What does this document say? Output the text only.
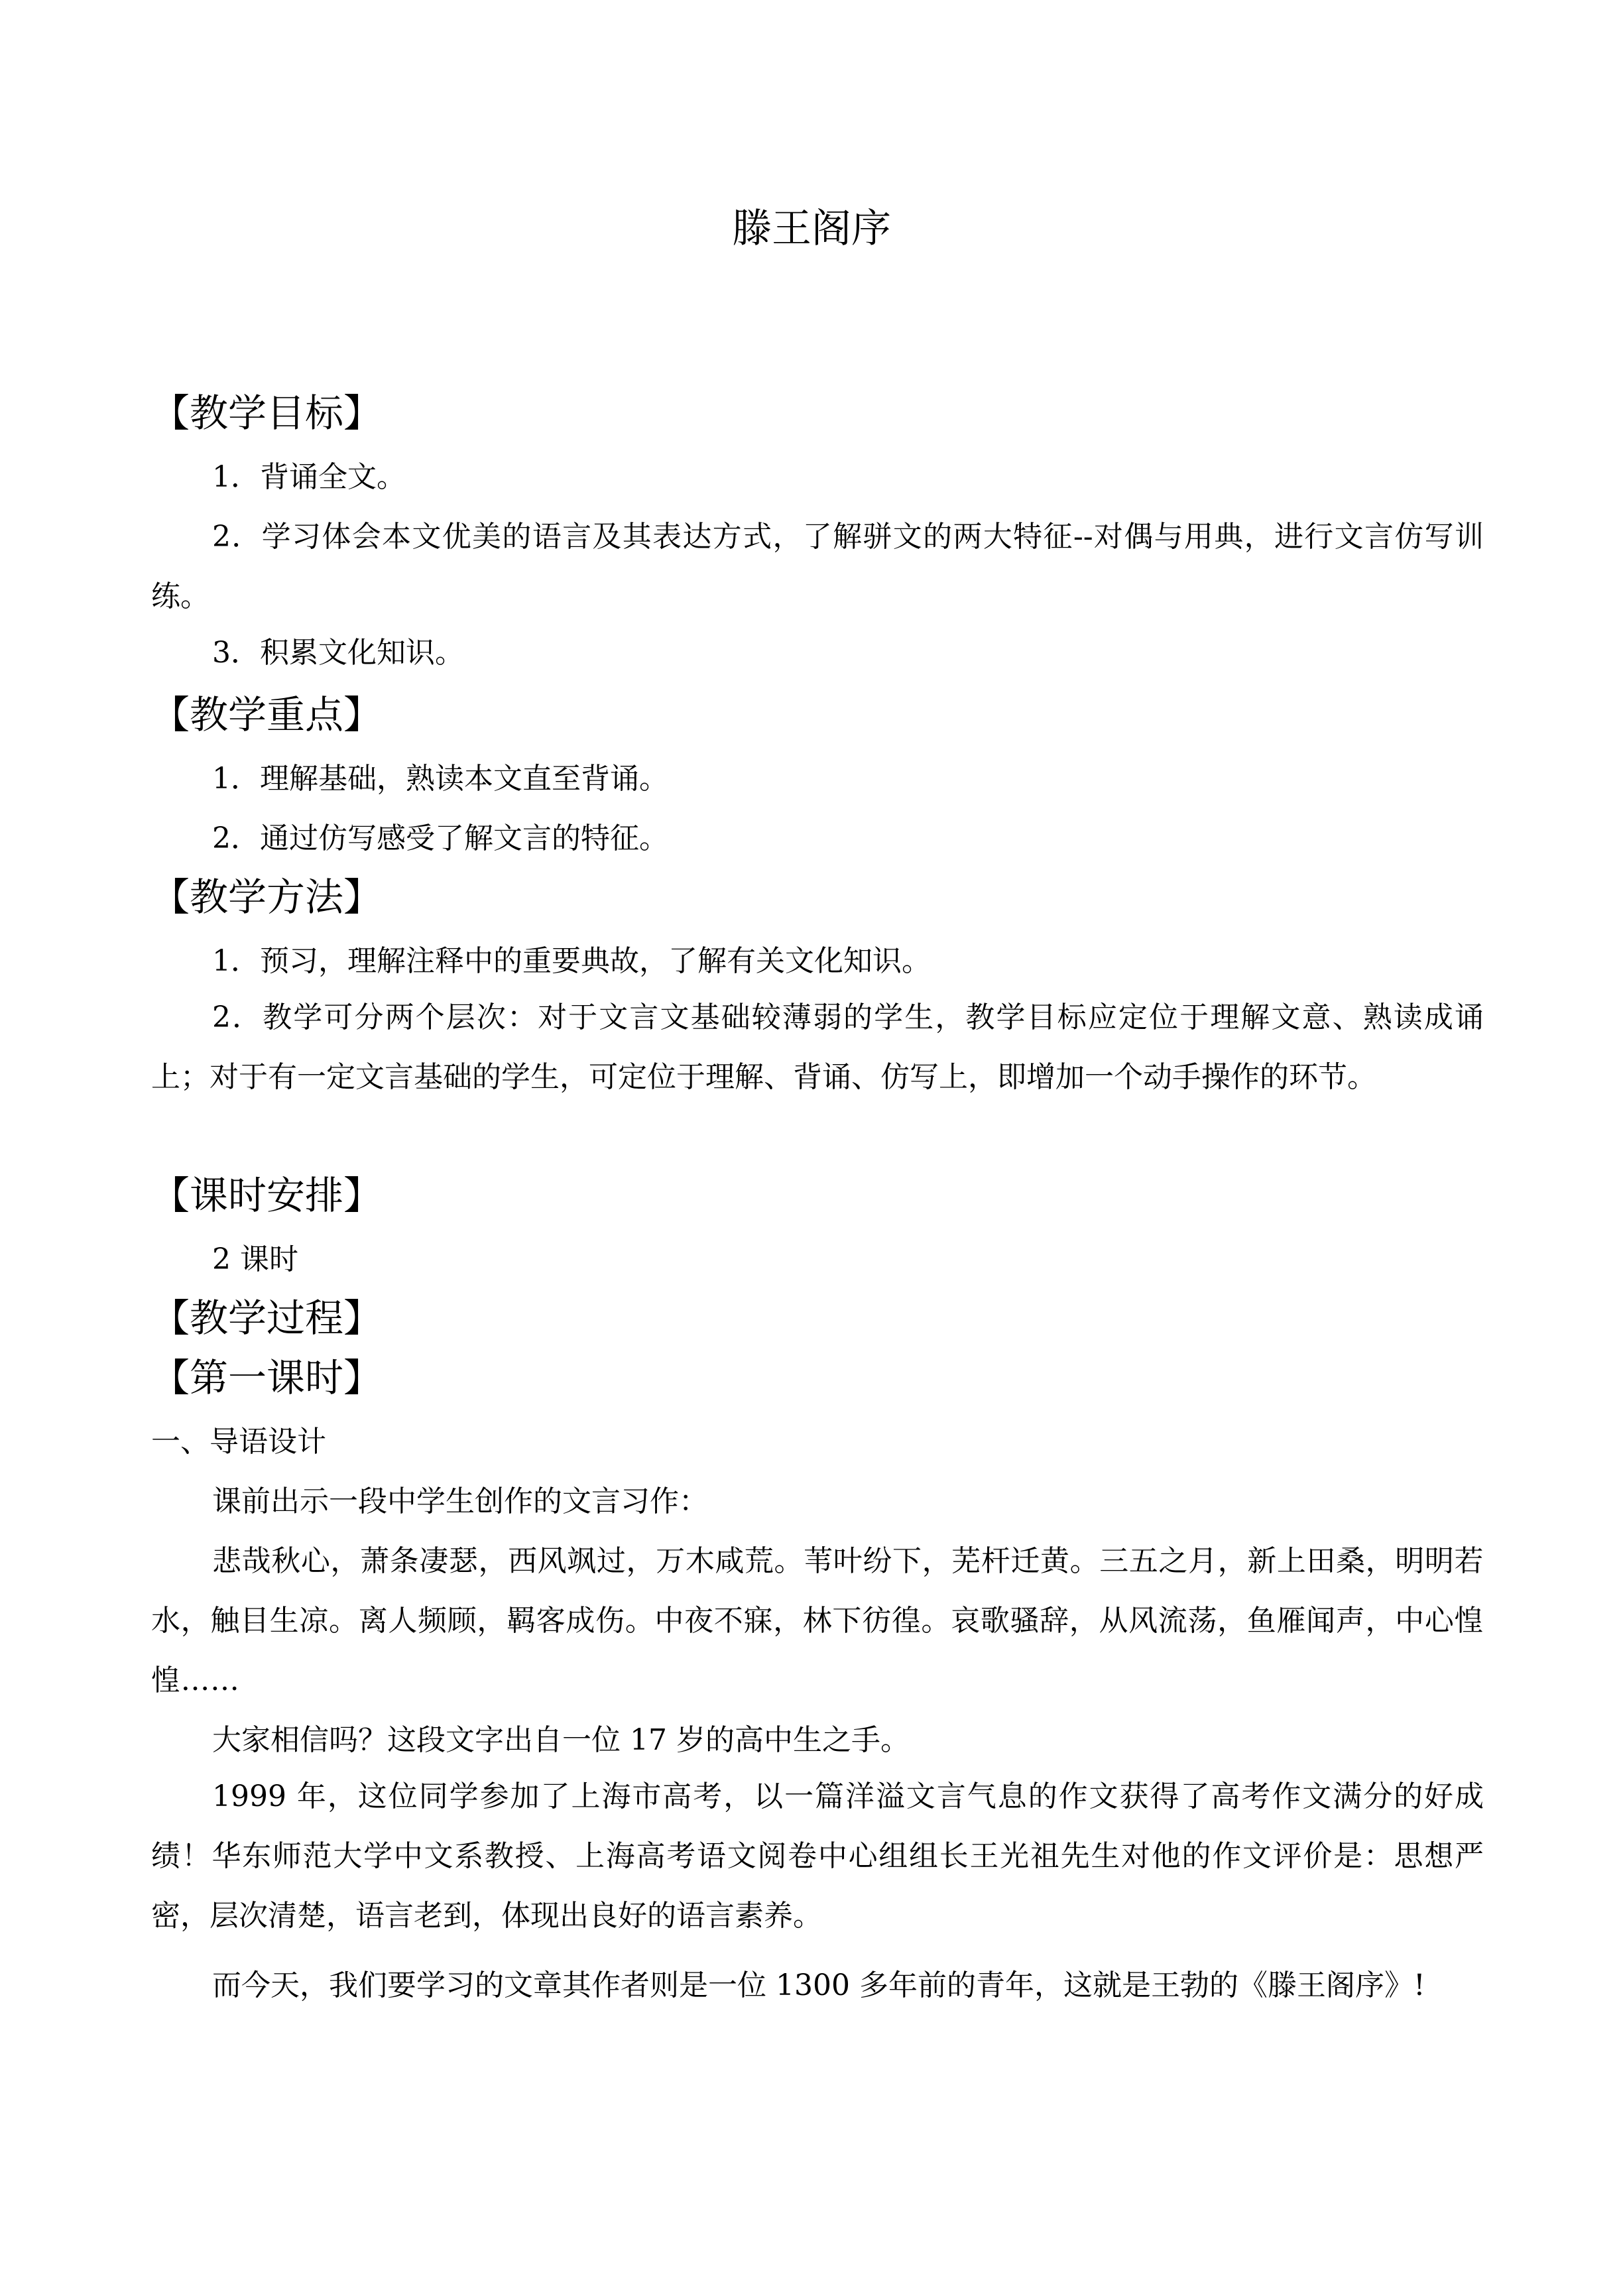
滕王阁序
【教学目标】
1．背诵全文。
2．学习体会本文优美的语言及其表达方式，了解骈文的两大特征--对偶与用典，进行文言仿写训练。
3．积累文化知识。
【教学重点】
1．理解基础，熟读本文直至背诵。
2．通过仿写感受了解文言的特征。
【教学方法】
1．预习，理解注释中的重要典故，了解有关文化知识。
2．教学可分两个层次：对于文言文基础较薄弱的学生，教学目标应定位于理解文意、熟读成诵上；对于有一定文言基础的学生，可定位于理解、背诵、仿写上，即增加一个动手操作的环节。
【课时安排】
2 课时
【教学过程】
【第一课时】
一、导语设计
课前出示一段中学生创作的文言习作：
悲哉秋心，萧条凄瑟，西风飒过，万木咸荒。苇叶纷下，芜杆迁黄。三五之月，新上田桑，明明若水，触目生凉。离人频顾，羁客成伤。中夜不寐，林下彷徨。哀歌骚辞，从风流荡，鱼雁闻声，中心惶惶……
大家相信吗？这段文字出自一位 17 岁的高中生之手。
1999 年，这位同学参加了上海市高考，以一篇洋溢文言气息的作文获得了高考作文满分的好成绩！华东师范大学中文系教授、上海高考语文阅卷中心组组长王光祖先生对他的作文评价是：思想严密，层次清楚，语言老到，体现出良好的语言素养。
而今天，我们要学习的文章其作者则是一位 1300 多年前的青年，这就是王勃的《滕王阁序》!
